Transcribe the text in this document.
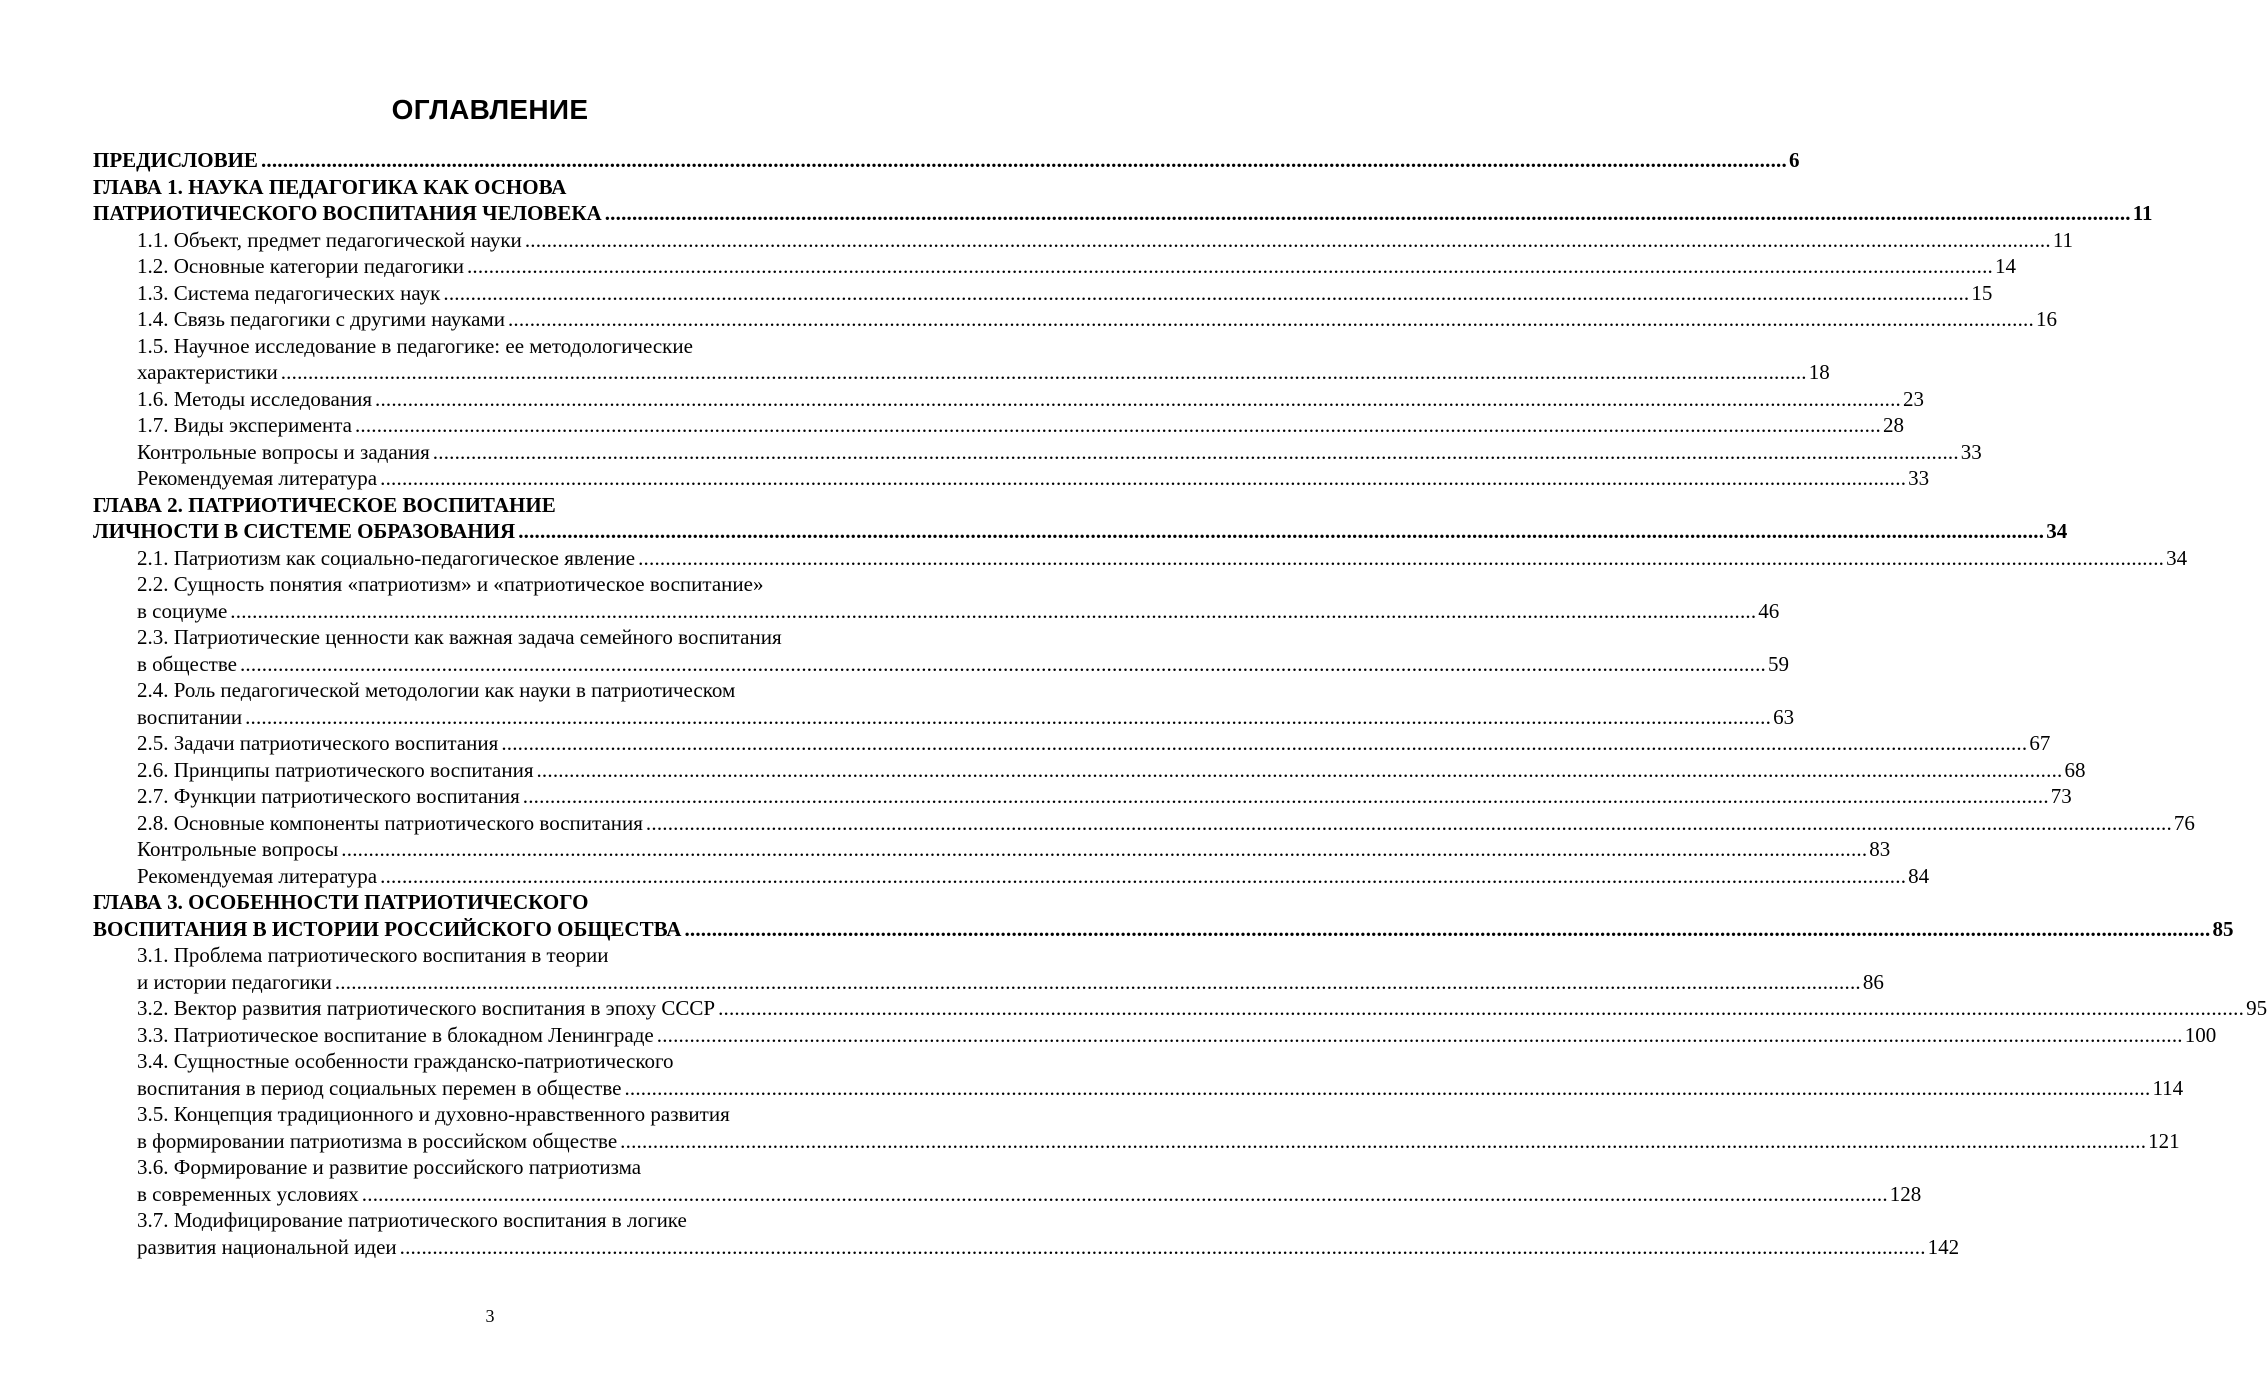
ОГЛАВЛЕНИЕ
ПРЕДИСЛОВИЕ .....	6
ГЛАВА 1. НАУКА ПЕДАГОГИКА КАК ОСНОВА
ПАТРИОТИЧЕСКОГО ВОСПИТАНИЯ ЧЕЛОВЕКА .....	11
1.1. Объект, предмет педагогической науки .....	11
1.2. Основные категории педагогики .....	14
1.3. Система педагогических наук .....	15
1.4. Связь педагогики с другими науками .....	16
1.5. Научное исследование в педагогике: ее методологические
характеристики .....	18
1.6. Методы исследования .....	23
1.7. Виды эксперимента .....	28
Контрольные вопросы и задания .....	33
Рекомендуемая литература .....	33
ГЛАВА 2. ПАТРИОТИЧЕСКОЕ ВОСПИТАНИЕ
ЛИЧНОСТИ В СИСТЕМЕ ОБРАЗОВАНИЯ .....	34
2.1. Патриотизм как социально-педагогическое явление .....	34
2.2. Сущность понятия «патриотизм» и «патриотическое воспитание»
в социуме .....	46
2.3. Патриотические ценности как важная задача семейного воспитания
в обществе .....	59
2.4. Роль педагогической методологии как науки в патриотическом
воспитании .....	63
2.5. Задачи патриотического воспитания .....	67
2.6. Принципы патриотического воспитания .....	68
2.7. Функции патриотического воспитания .....	73
2.8. Основные компоненты патриотического воспитания .....	76
Контрольные вопросы .....	83
Рекомендуемая литература .....	84
ГЛАВА 3. ОСОБЕННОСТИ ПАТРИОТИЧЕСКОГО
ВОСПИТАНИЯ В ИСТОРИИ РОССИЙСКОГО ОБЩЕСТВА .....	85
3.1. Проблема патриотического воспитания в теории
и истории педагогики .....	86
3.2. Вектор развития патриотического воспитания в эпоху СССР .....	95
3.3. Патриотическое воспитание в блокадном Ленинграде .....	100
3.4. Сущностные особенности гражданско-патриотического
воспитания в период социальных перемен в обществе .....	114
3.5. Концепция традиционного и духовно-нравственного развития
в формировании патриотизма в российском обществе .....	121
3.6. Формирование и развитие российского патриотизма
в современных условиях .....	128
3.7. Модифицирование патриотического воспитания в логике
развития национальной идеи .....	142
3
